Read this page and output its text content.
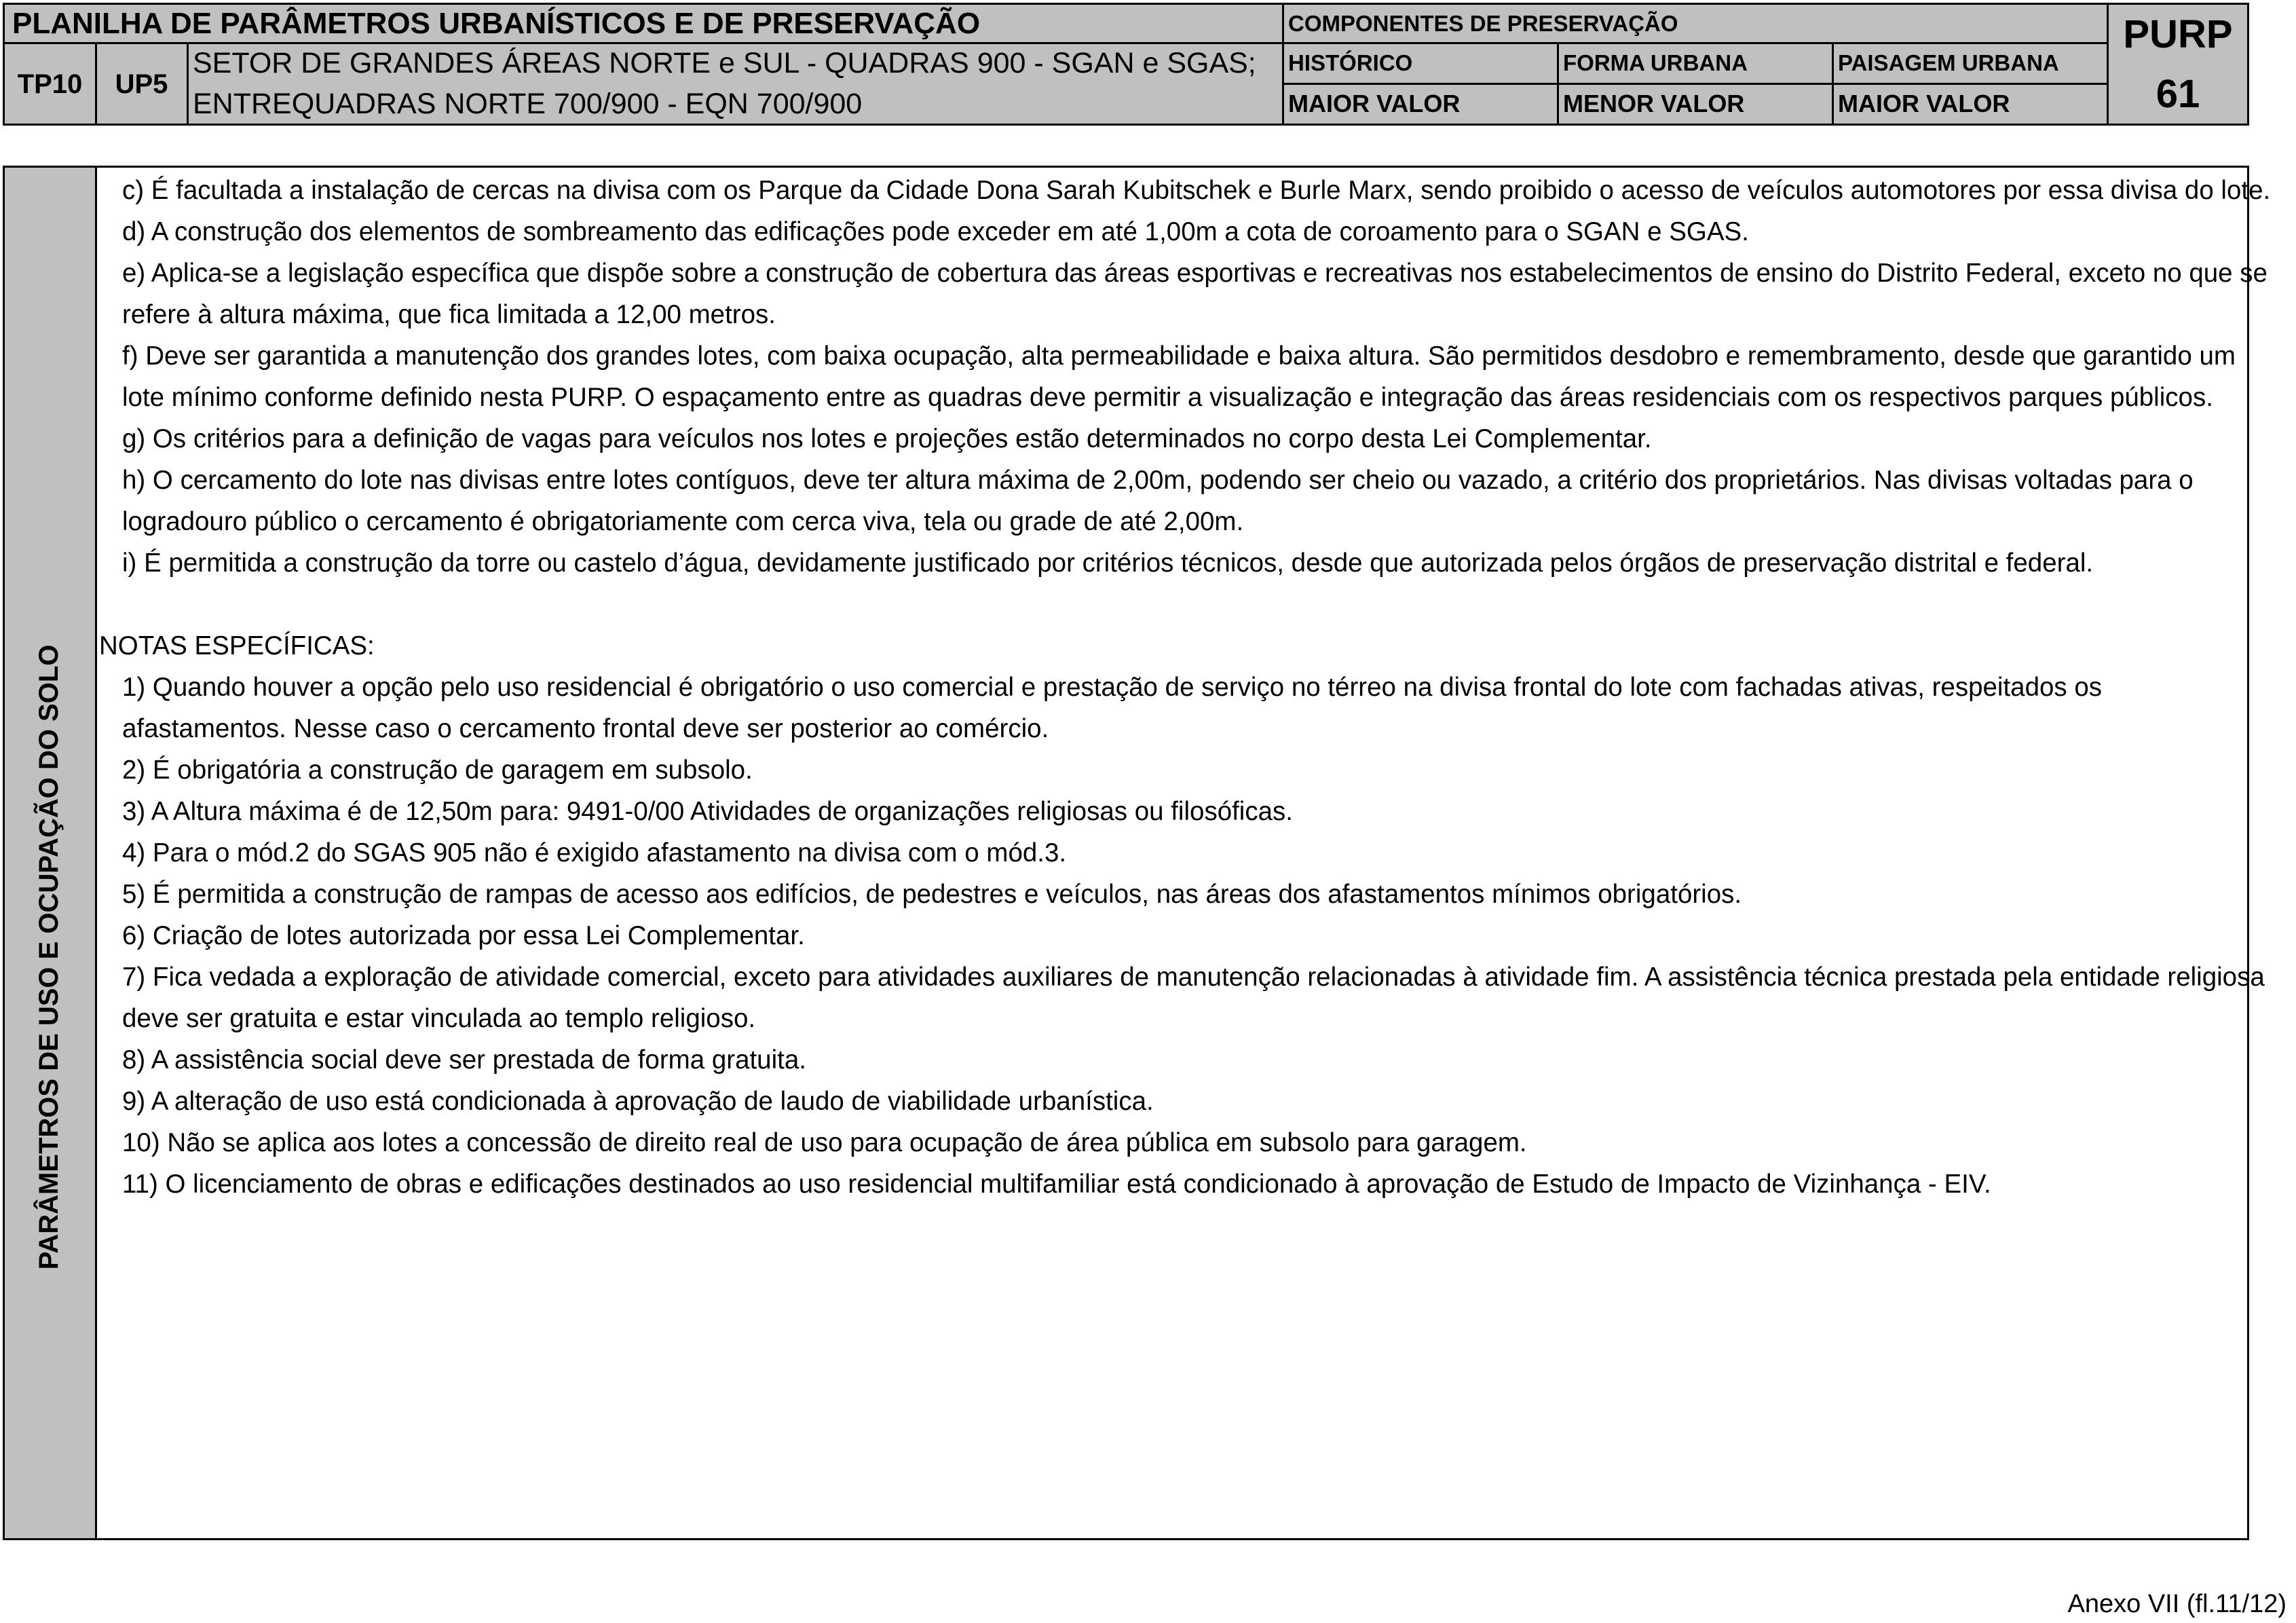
PLANILHA DE PARÂMETROS URBANÍSTICOS E DE PRESERVAÇÃO
TP10	UP5
SETOR DE GRANDES ÁREAS NORTE e SUL - QUADRAS 900 - SGAN e SGAS;
ENTREQUADRAS NORTE 700/900 - EQN 700/900
COMPONENTES DE PRESERVAÇÃO
HISTÓRICO	FORMA URBANA	PAISAGEM URBANA
MAIOR VALOR	MENOR VALOR	MAIOR VALOR
PURP
61
PARÂMETROS DE USO E OCUPAÇÃO DO SOLO
c) É facultada a instalação de cercas na divisa com os Parque da Cidade Dona Sarah Kubitschek e Burle Marx, sendo proibido o acesso de veículos automotores por essa divisa do lote.
d) A construção dos elementos de sombreamento das edificações pode exceder em até 1,00m a cota de coroamento para o SGAN e SGAS.
e) Aplica-se a legislação específica que dispõe sobre a construção de cobertura das áreas esportivas e recreativas nos estabelecimentos de ensino do Distrito Federal, exceto no que se refere à altura máxima, que fica limitada a 12,00 metros.
f) Deve ser garantida a manutenção dos grandes lotes, com baixa ocupação, alta permeabilidade e baixa altura. São permitidos desdobro e remembramento, desde que garantido um lote mínimo conforme definido nesta PURP. O espaçamento entre as quadras deve permitir a visualização e integração das áreas residenciais com os respectivos parques públicos.
g) Os critérios para a definição de vagas para veículos nos lotes e projeções estão determinados no corpo desta Lei Complementar.
h) O cercamento do lote nas divisas entre lotes contíguos, deve ter altura máxima de 2,00m, podendo ser cheio ou vazado, a critério dos proprietários. Nas divisas voltadas para o logradouro público o cercamento é obrigatoriamente com cerca viva, tela ou grade de até 2,00m.
i) É permitida a construção da torre ou castelo d’água, devidamente justificado por critérios técnicos, desde que autorizada pelos órgãos de preservação distrital e federal.
NOTAS ESPECÍFICAS:
1) Quando houver a opção pelo uso residencial é obrigatório o uso comercial e prestação de serviço no térreo na divisa frontal do lote com fachadas ativas, respeitados os afastamentos. Nesse caso o cercamento frontal deve ser posterior ao comércio.
2) É obrigatória a construção de garagem em subsolo.
3) A Altura máxima é de 12,50m para: 9491-0/00 Atividades de organizações religiosas ou filosóficas.
4) Para o mód.2 do SGAS 905 não é exigido afastamento na divisa com o mód.3.
5) É permitida a construção de rampas de acesso aos edifícios, de pedestres e veículos, nas áreas dos afastamentos mínimos obrigatórios.
6) Criação de lotes autorizada por essa Lei Complementar.
7) Fica vedada a exploração de atividade comercial, exceto para atividades auxiliares de manutenção relacionadas à atividade fim. A assistência técnica prestada pela entidade religiosa deve ser gratuita e estar vinculada ao templo religioso.
8) A assistência social deve ser prestada de forma gratuita.
9) A alteração de uso está condicionada à aprovação de laudo de viabilidade urbanística.
10) Não se aplica aos lotes a concessão de direito real de uso para ocupação de área pública em subsolo para garagem.
11) O licenciamento de obras e edificações destinados ao uso residencial multifamiliar está condicionado à aprovação de Estudo de Impacto de Vizinhança - EIV.
Anexo VII (fl.11/12)
